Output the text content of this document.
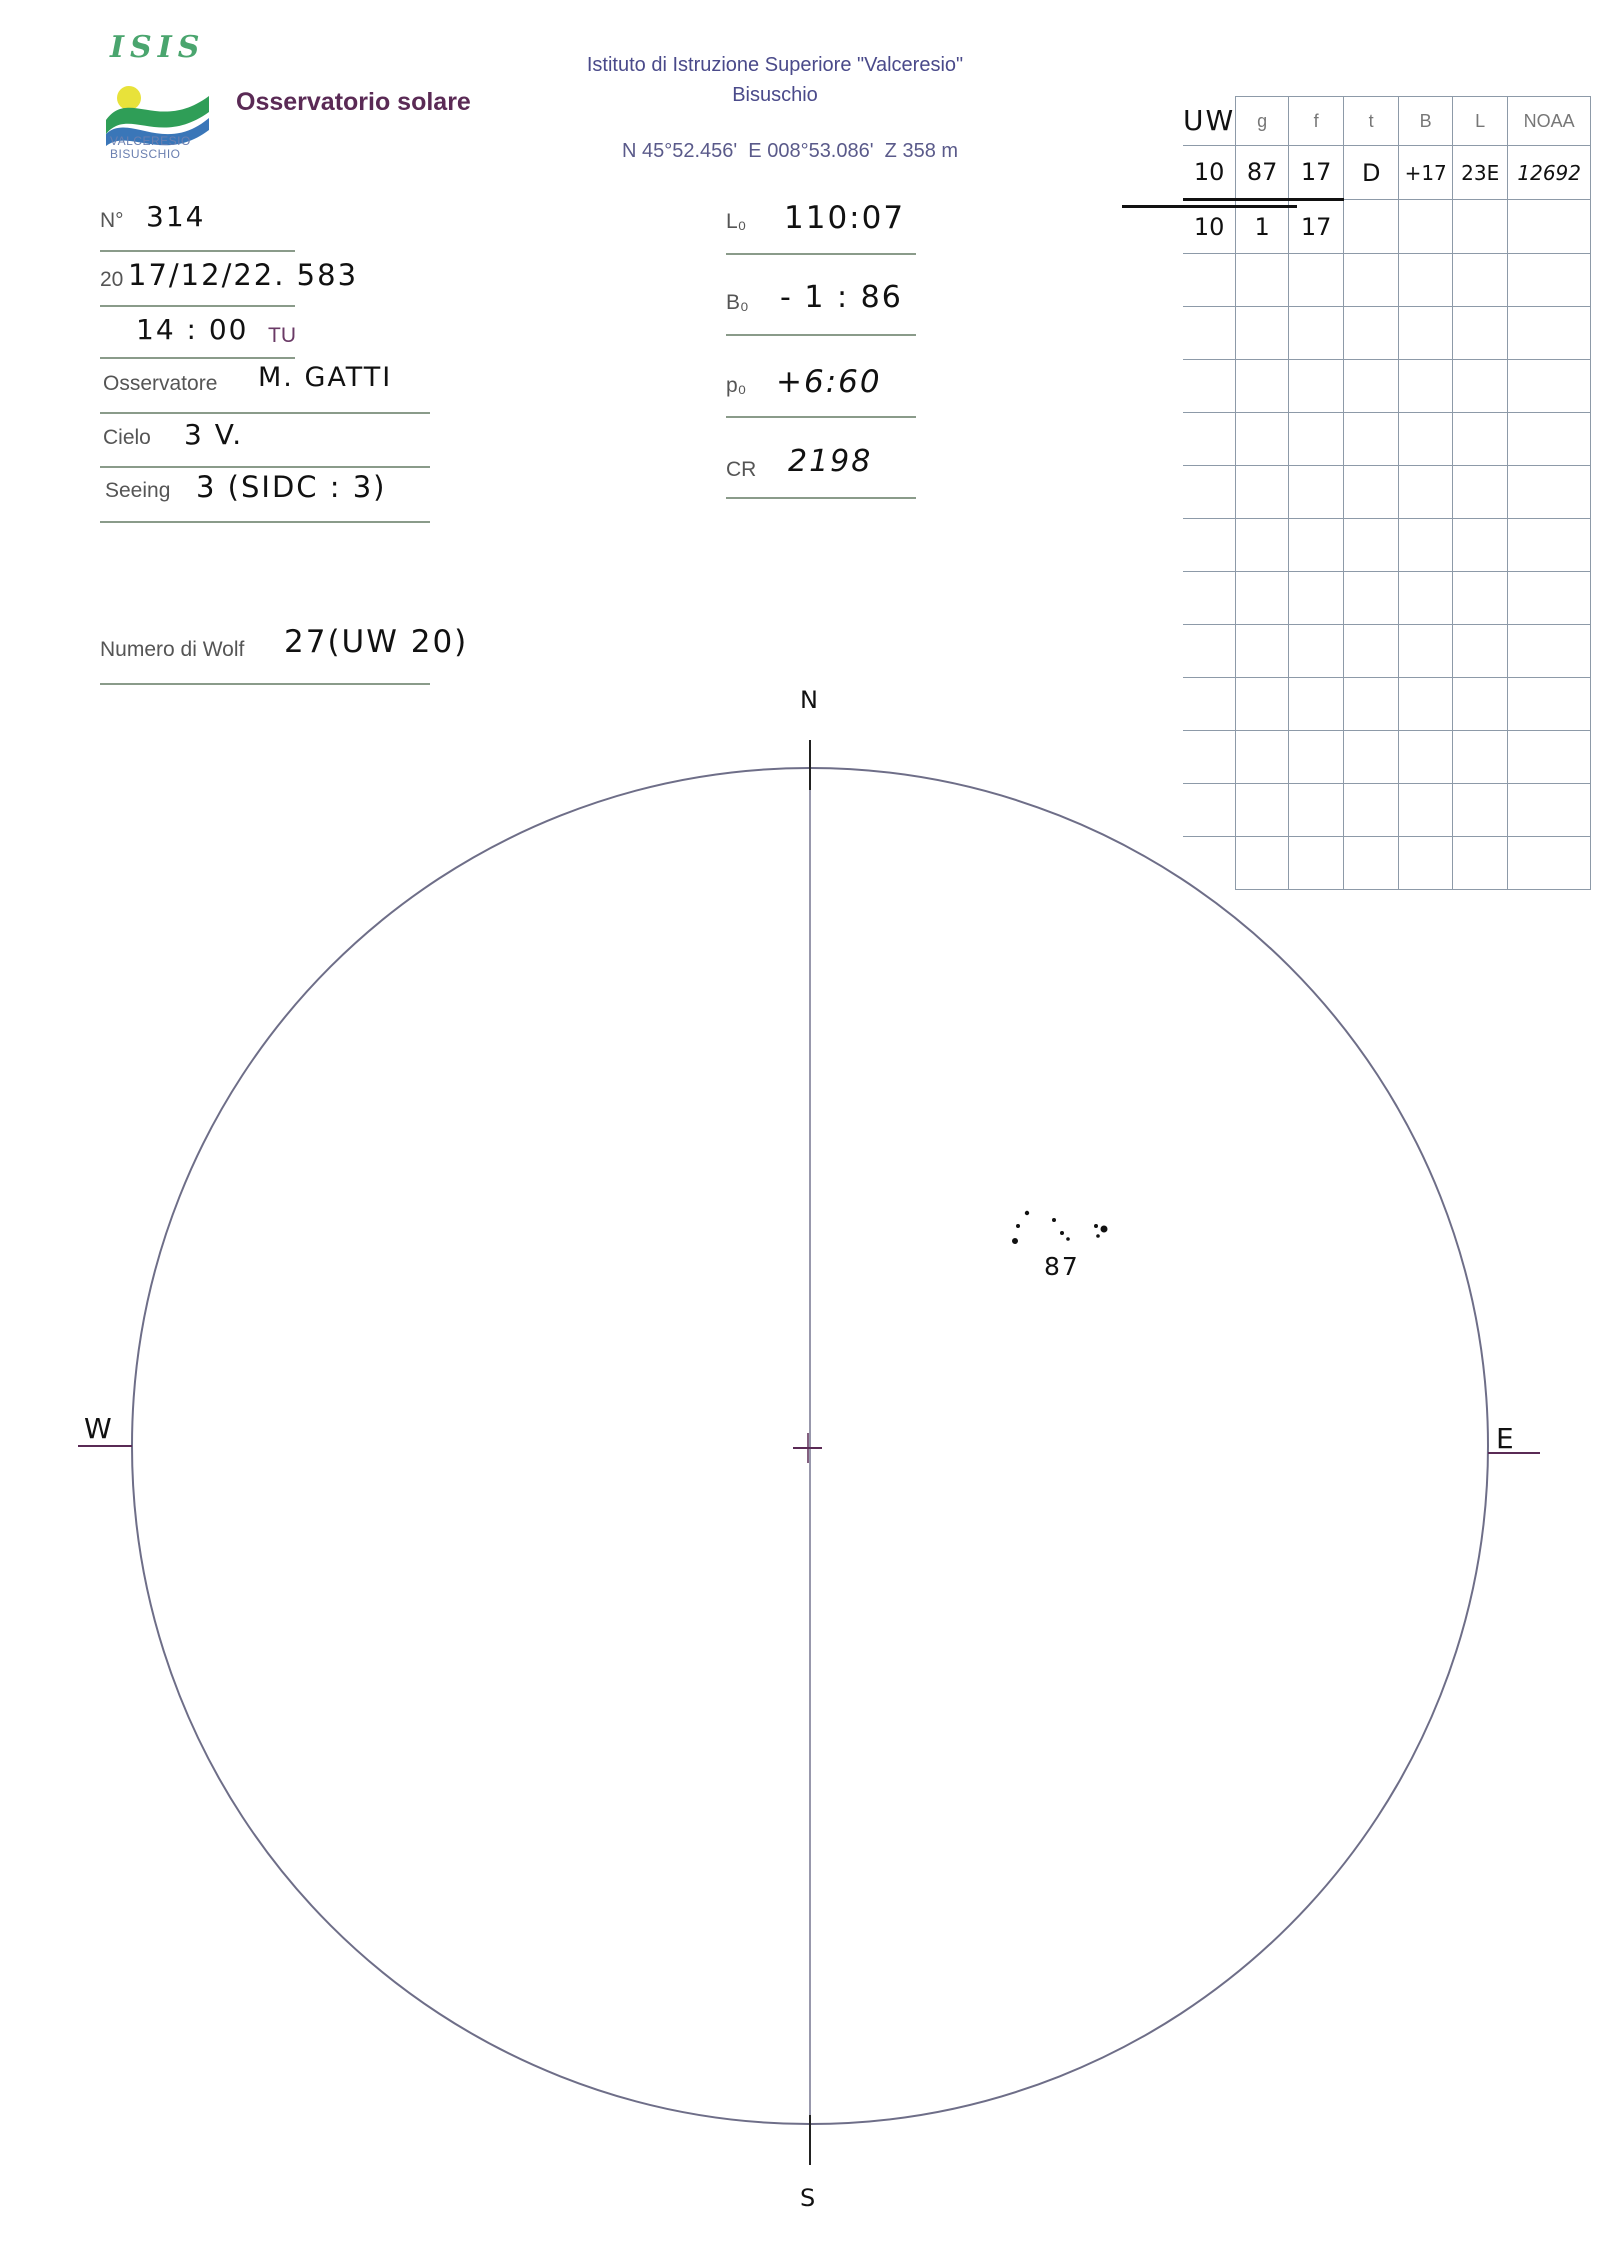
ISIS
VALCERESIO
BISUSCHIO
Osservatorio solare
Istituto di Istruzione Superiore "Valceresio"
Bisuschio
N 45°52.456'  E 008°53.086'  Z 358 m
N° 314
20 17/12/22. 583
14 : 00 TU
Osservatore M. GATTI
Cielo 3 V.
Seeing 3 (SIDC : 3)
Numero di Wolf 27(UW 20)
L₀ 110:07
B₀ - 1 : 86
p₀ +6:60
CR 2198
UW	g	f	t	B	L	NOAA
10	87	17	D	+17	23E	12692
10	1	17				

N
S
W	E
87
